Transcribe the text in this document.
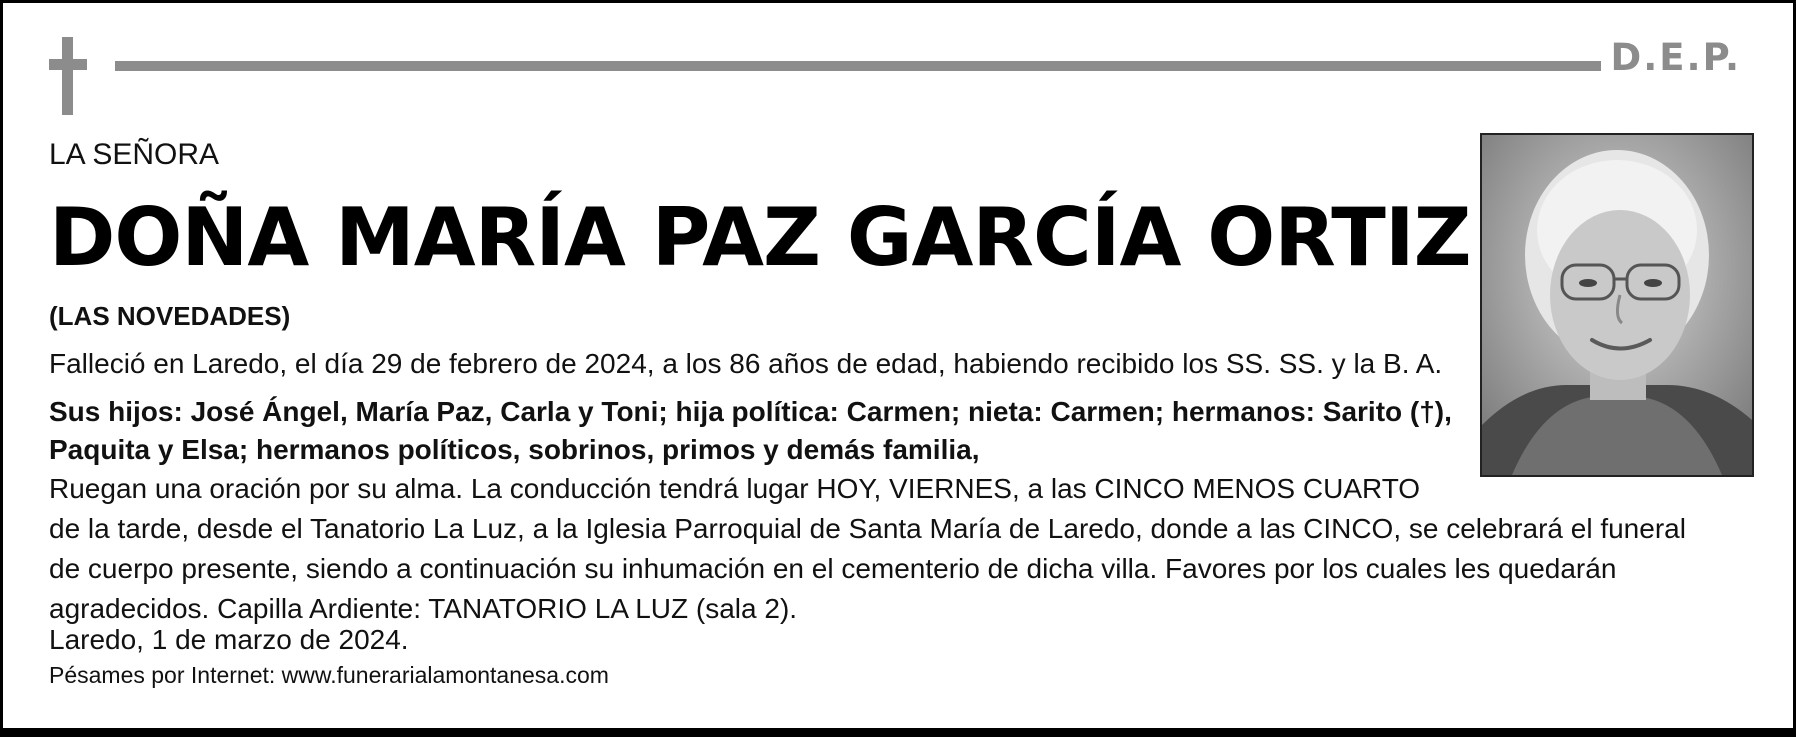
D.E.P.
LA SEÑORA
DOÑA MARÍA PAZ GARCÍA ORTIZ
(LAS NOVEDADES)
Falleció en Laredo, el día 29 de febrero de 2024, a los 86 años de edad, habiendo recibido los SS. SS. y la B. A.
Sus hijos: José Ángel, María Paz, Carla y Toni; hija política: Carmen; nieta: Carmen; hermanos: Sarito (†), Paquita y Elsa; hermanos políticos, sobrinos, primos y demás familia,
Ruegan una oración por su alma. La conducción tendrá lugar HOY, VIERNES, a las CINCO MENOS CUARTO
de la tarde, desde el Tanatorio La Luz, a la Iglesia Parroquial de Santa María de Laredo, donde a las CINCO, se celebrará el funeral
de cuerpo presente, siendo a continuación su inhumación en el cementerio de dicha villa. Favores por los cuales les quedarán
agradecidos. Capilla Ardiente: TANATORIO LA LUZ (sala 2).
Laredo, 1 de marzo de 2024.
Pésames por Internet: www.funerarialamontanesa.com
